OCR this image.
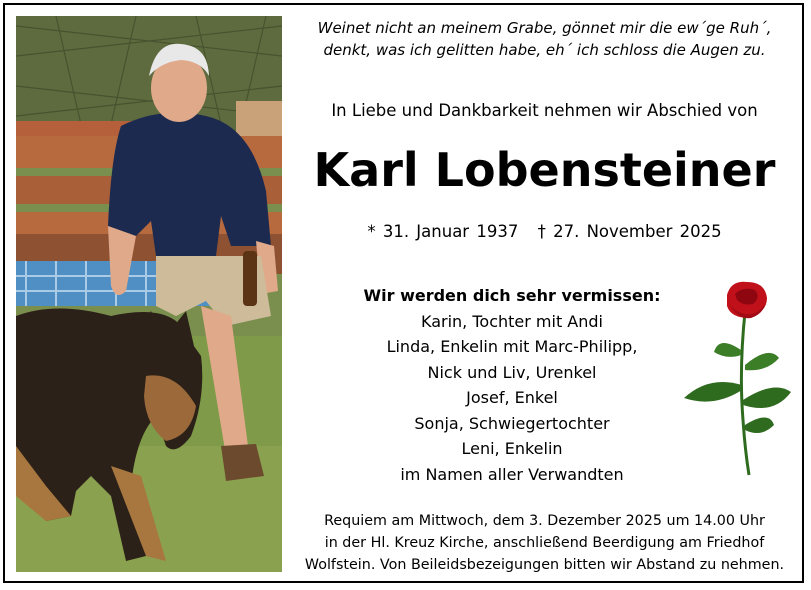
Weinet nicht an meinem Grabe, gönnet mir die ew´ge Ruh´,
denkt, was ich gelitten habe, eh´ ich schloss die Augen zu.
In Liebe und Dankbarkeit nehmen wir Abschied von
Karl Lobensteiner
* 31. Januar 1937 † 27. November 2025
Wir werden dich sehr vermissen:
Karin, Tochter mit Andi
Linda, Enkelin mit Marc-Philipp,
Nick und Liv, Urenkel
Josef, Enkel
Sonja, Schwiegertochter
Leni, Enkelin
im Namen aller Verwandten
Requiem am Mittwoch, dem 3. Dezember 2025 um 14.00 Uhr
in der Hl. Kreuz Kirche, anschließend Beerdigung am Friedhof
Wolfstein. Von Beileidsbezeigungen bitten wir Abstand zu nehmen.
